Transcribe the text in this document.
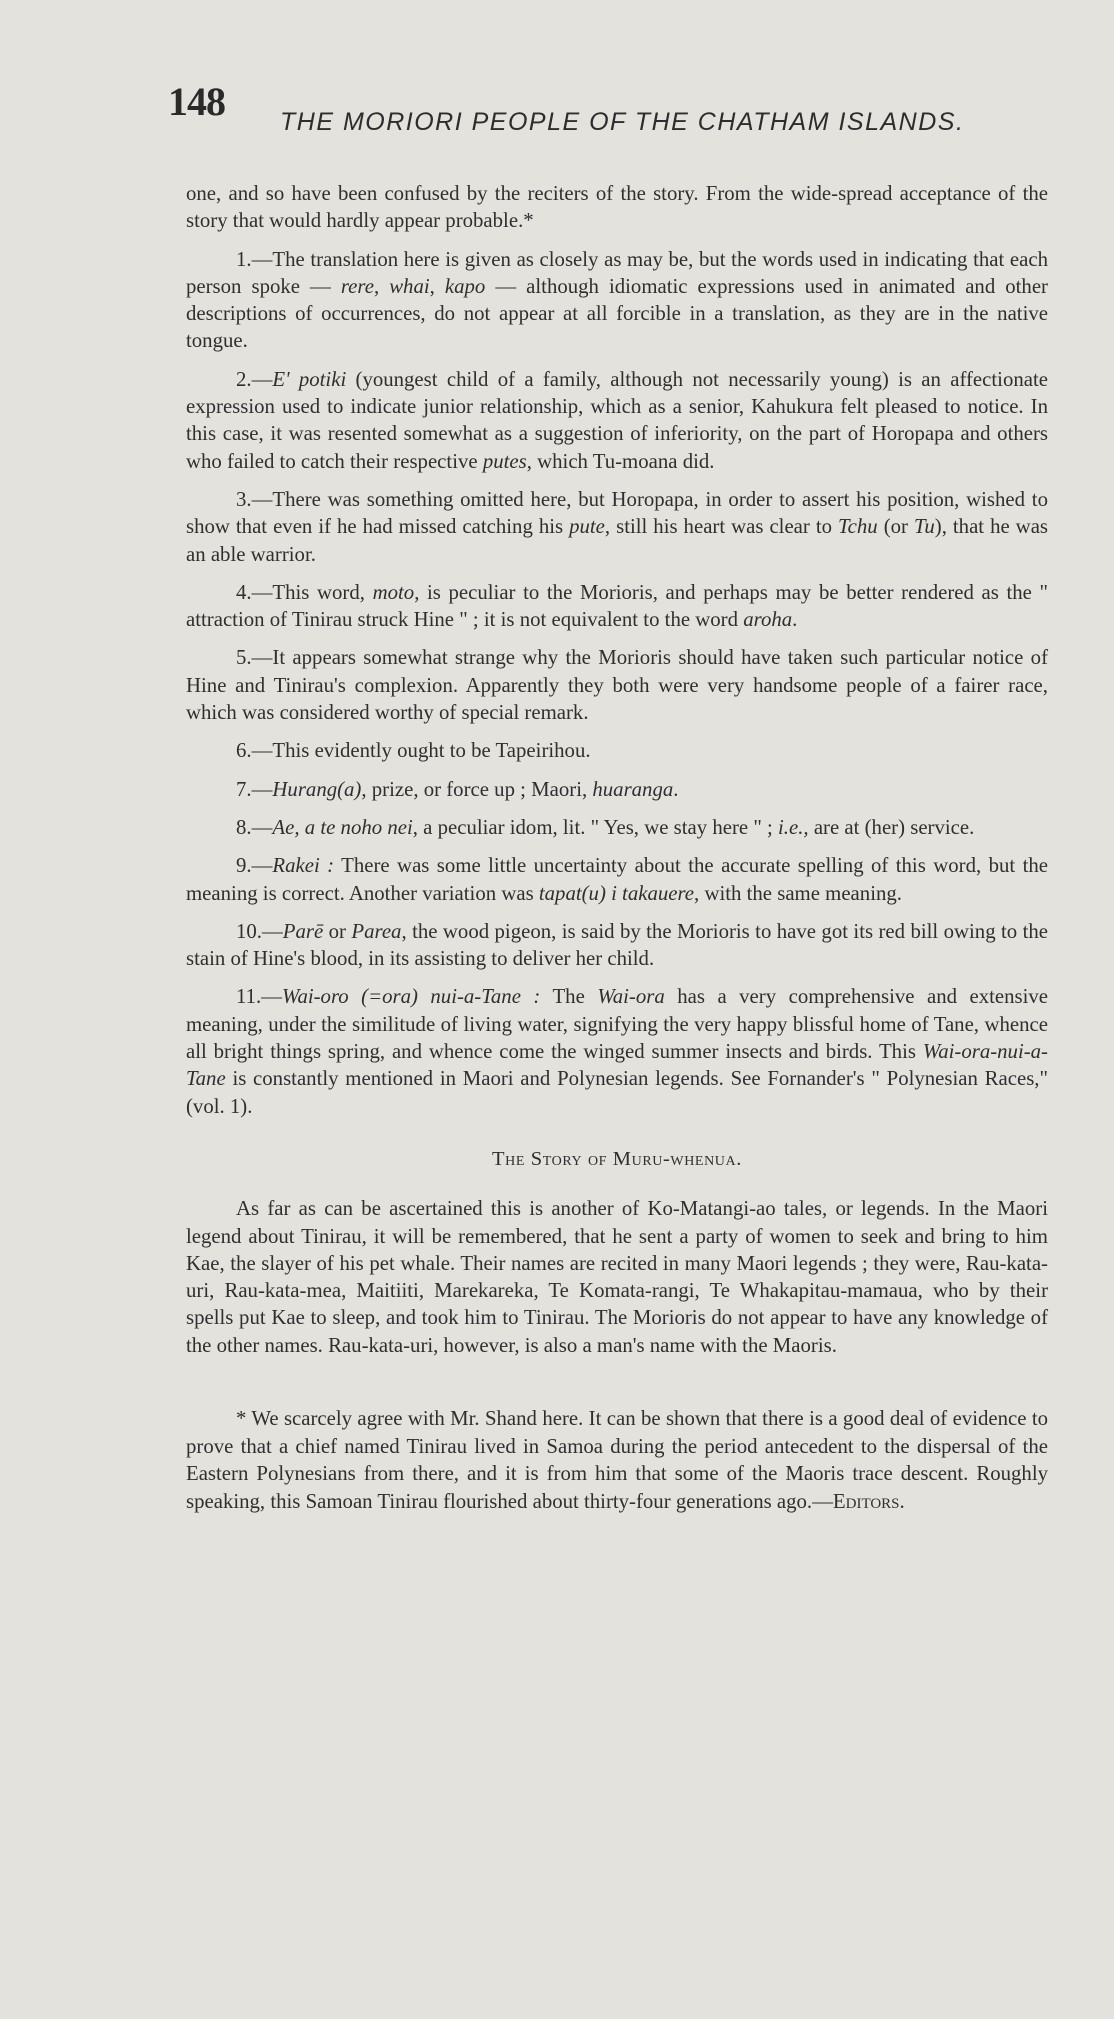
148 THE MORIORI PEOPLE OF THE CHATHAM ISLANDS.

one, and so have been confused by the reciters of the story. From the wide-spread acceptance of the story that would hardly appear probable.*

1.—The translation here is given as closely as may be, but the words used in indicating that each person spoke — rere, whai, kapo — although idiomatic expressions used in animated and other descriptions of occurrences, do not appear at all forcible in a translation, as they are in the native tongue.

2.—E' potiki (youngest child of a family, although not necessarily young) is an affectionate expression used to indicate junior relationship, which as a senior, Kahukura felt pleased to notice. In this case, it was resented somewhat as a suggestion of inferiority, on the part of Horopapa and others who failed to catch their respective putes, which Tu-moana did.

3.—There was something omitted here, but Horopapa, in order to assert his position, wished to show that even if he had missed catching his pute, still his heart was clear to Tchu (or Tu), that he was an able warrior.

4.—This word, moto, is peculiar to the Morioris, and perhaps may be better rendered as the " attraction of Tinirau struck Hine " ; it is not equivalent to the word aroha.

5.—It appears somewhat strange why the Morioris should have taken such particular notice of Hine and Tinirau's complexion. Apparently they both were very handsome people of a fairer race, which was considered worthy of special remark.

6.—This evidently ought to be Tapeirihou.

7.—Hurang(a), prize, or force up ; Maori, huaranga.

8.—Ae, a te noho nei, a peculiar idom, lit. " Yes, we stay here " ; i.e., are at (her) service.

9.—Rakei : There was some little uncertainty about the accurate spelling of this word, but the meaning is correct. Another variation was tapat(u) i takauere, with the same meaning.

10.—Parē or Parea, the wood pigeon, is said by the Morioris to have got its red bill owing to the stain of Hine's blood, in its assisting to deliver her child.

11.—Wai-oro (=ora) nui-a-Tane : The Wai-ora has a very comprehensive and extensive meaning, under the similitude of living water, signifying the very happy blissful home of Tane, whence all bright things spring, and whence come the winged summer insects and birds. This Wai-ora-nui-a-Tane is constantly mentioned in Maori and Polynesian legends. See Fornander's " Polynesian Races," (vol. 1).

The Story of Muru-whenua.

As far as can be ascertained this is another of Ko-Matangi-ao tales, or legends. In the Maori legend about Tinirau, it will be remembered, that he sent a party of women to seek and bring to him Kae, the slayer of his pet whale. Their names are recited in many Maori legends ; they were, Rau-kata-uri, Rau-kata-mea, Maitiiti, Marekareka, Te Komata-rangi, Te Whakapitau-mamaua, who by their spells put Kae to sleep, and took him to Tinirau. The Morioris do not appear to have any knowledge of the other names. Rau-kata-uri, however, is also a man's name with the Maoris.

* We scarcely agree with Mr. Shand here. It can be shown that there is a good deal of evidence to prove that a chief named Tinirau lived in Samoa during the period antecedent to the dispersal of the Eastern Polynesians from there, and it is from him that some of the Maoris trace descent. Roughly speaking, this Samoan Tinirau flourished about thirty-four generations ago.—Editors.
